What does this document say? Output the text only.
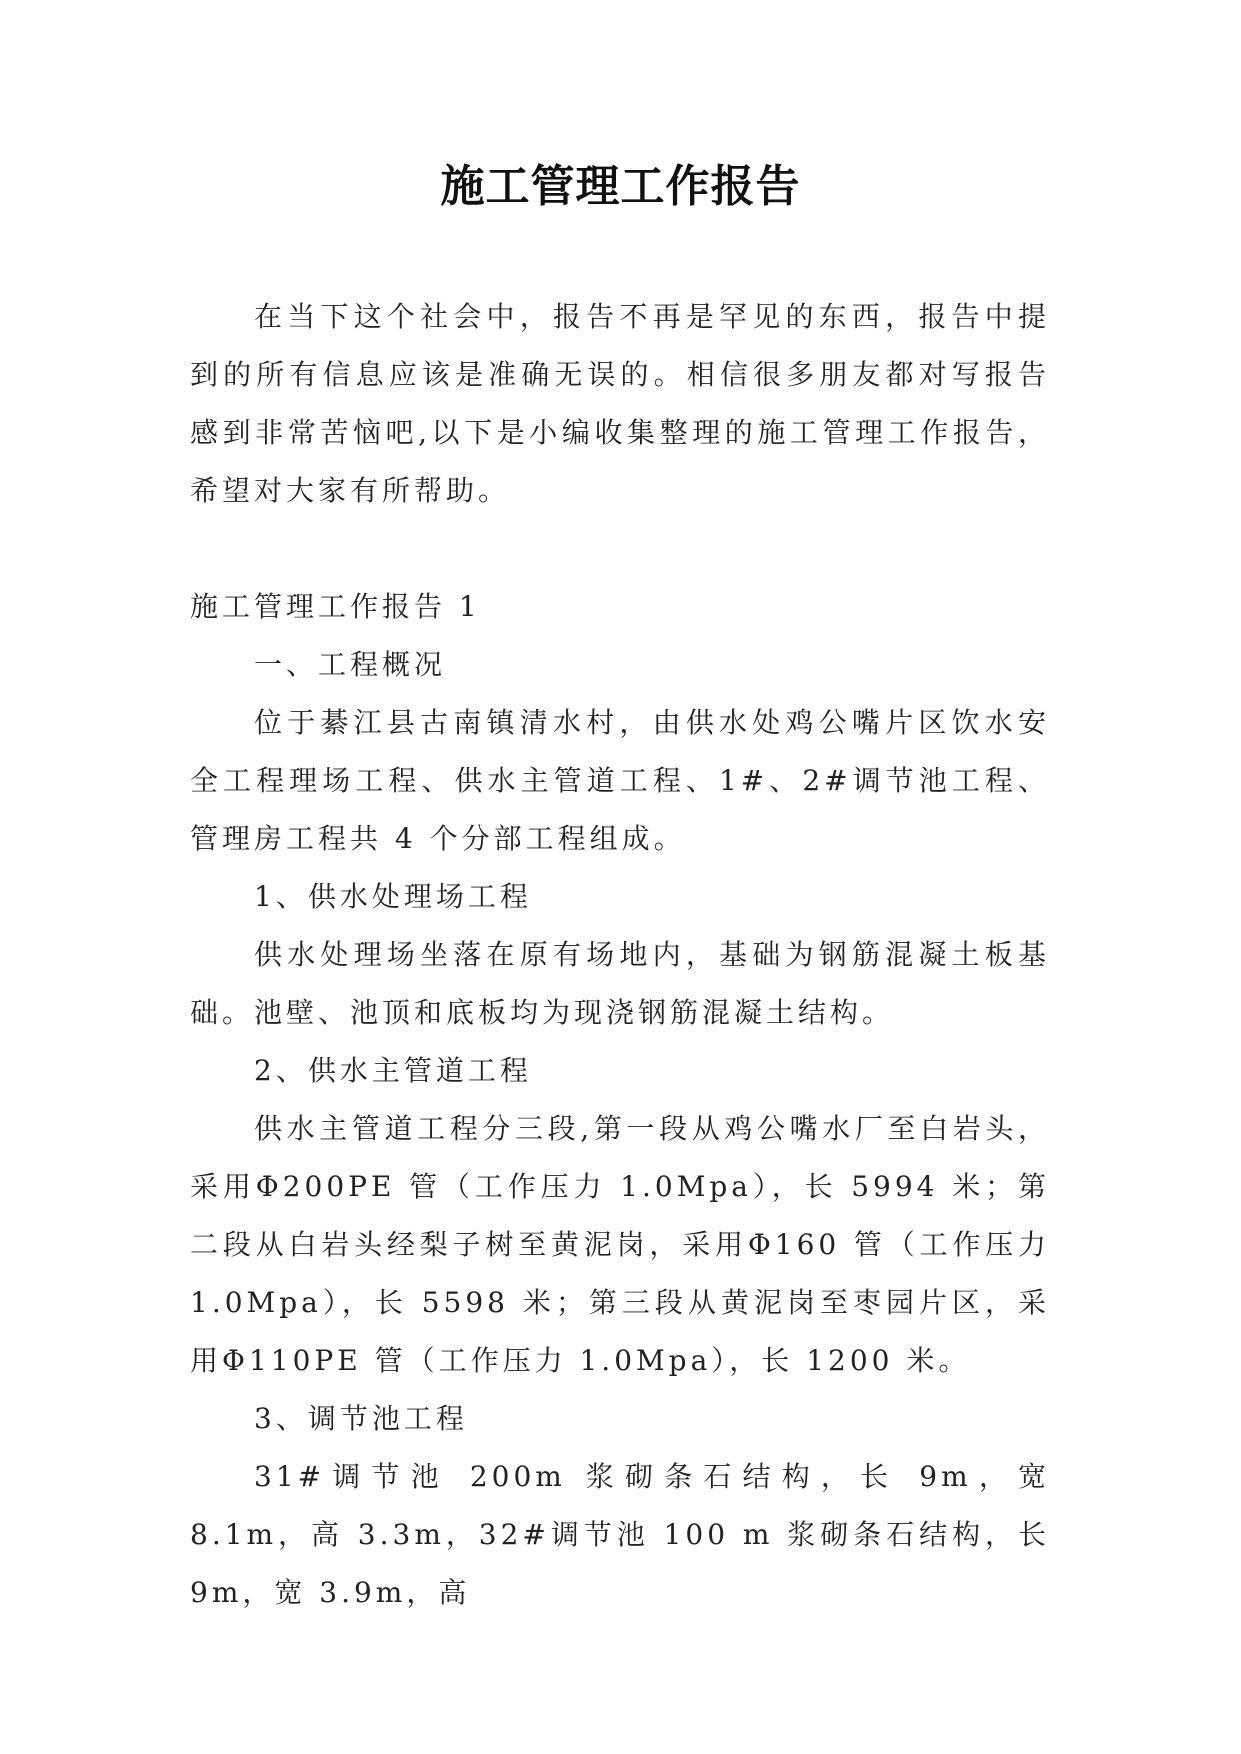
施工管理工作报告

在当下这个社会中，报告不再是罕见的东西，报告中提到的所有信息应该是准确无误的。相信很多朋友都对写报告感到非常苦恼吧,以下是小编收集整理的施工管理工作报告，希望对大家有所帮助。

施工管理工作报告 1

一、工程概况

位于綦江县古南镇清水村，由供水处鸡公嘴片区饮水安全工程理场工程、供水主管道工程、1#、2#调节池工程、管理房工程共 4 个分部工程组成。

1、供水处理场工程

供水处理场坐落在原有场地内，基础为钢筋混凝土板基础。池壁、池顶和底板均为现浇钢筋混凝土结构。

2、供水主管道工程

供水主管道工程分三段,第一段从鸡公嘴水厂至白岩头，采用Φ200PE 管（工作压力 1.0Mpa），长 5994 米；第二段从白岩头经梨子树至黄泥岗，采用Φ160 管（工作压力 1.0Mpa），长 5598 米；第三段从黄泥岗至枣园片区，采用Φ110PE 管（工作压力 1.0Mpa），长 1200 米。

3、调节池工程

31#调节池 200m 浆砌条石结构，长 9m，宽 8.1m，高 3.3m，32#调节池 100 m 浆砌条石结构，长 9m，宽 3.9m，高
